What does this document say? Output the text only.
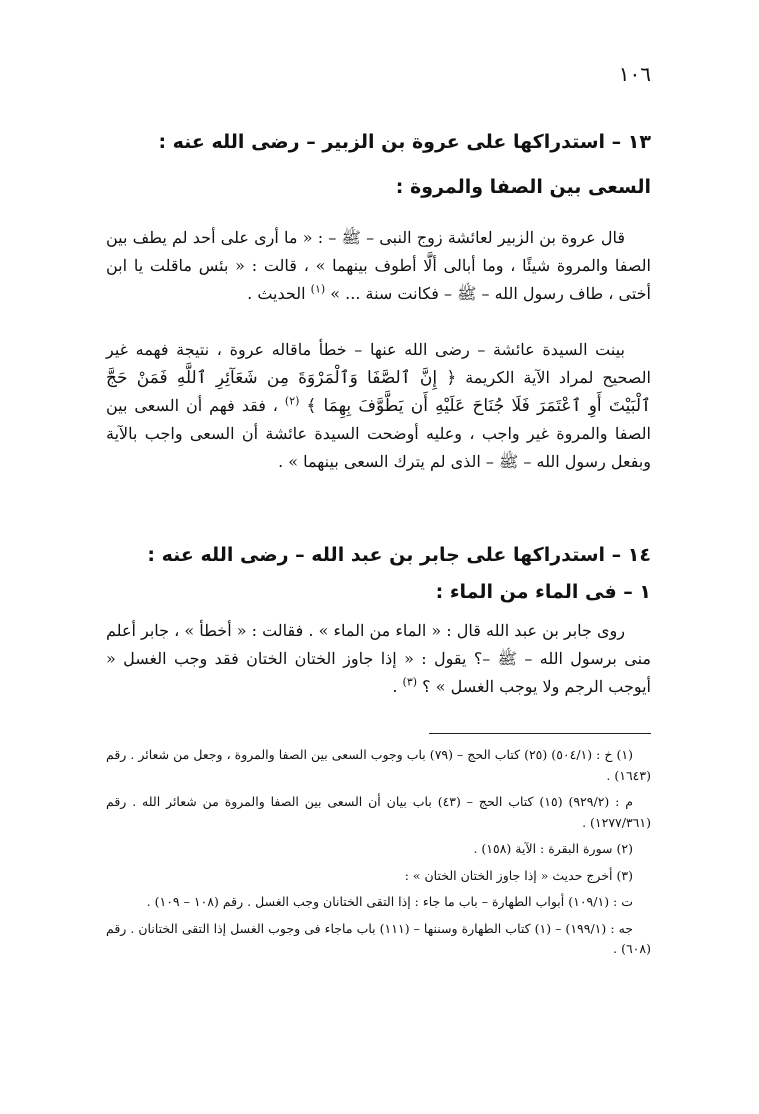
١٠٦
١٣ – استدراكها على عروة بن الزبير – رضى الله عنه :
السعى بين الصفا والمروة :
قال عروة بن الزبير لعائشة زوج النبى – ﷺ – : « ما أرى على أحد لم يطف بين الصفا والمروة شيئًا ، وما أبالى ألَّا أطوف بينهما » ، قالت : « بئس ماقلت يا ابن أختى ، طاف رسول الله – ﷺ – فكانت سنة ... » $^{(١)}$ الحديث .
بينت السيدة عائشة – رضى الله عنها – خطأ ماقاله عروة ، نتيجة فهمه غير الصحيح لمراد الآية الكريمة ﴿ إِنَّ ٱلصَّفَا وَٱلْمَرْوَةَ مِن شَعَآئِرِ ٱللَّهِ فَمَنْ حَجَّ ٱلْبَيْتَ أَوِ ٱعْتَمَرَ فَلَا جُنَاحَ عَلَيْهِ أَن يَطَّوَّفَ بِهِمَا ﴾ $^{(٢)}$ ، فقد فهم أن السعى بين الصفا والمروة غير واجب ، وعليه أوضحت السيدة عائشة أن السعى واجب بالآية وبفعل رسول الله – ﷺ – الذى لم يترك السعى بينهما » .
١٤ – استدراكها على جابر بن عبد الله – رضى الله عنه :
١ – فى الماء من الماء :
روى جابر بن عبد الله قال : « الماء من الماء » . فقالت : « أخطأ » ، جابر أعلم منى برسول الله – ﷺ –؟ يقول : « إذا جاوز الختان الختان فقد وجب الغسل « أيوجب الرجم ولا يوجب الغسل » ؟ $^{(٣)}$ .

(١) خ : (٥٠٤/١) (٢٥) كتاب الحج – (٧٩) باب وجوب السعى بين الصفا والمروة ، وجعل من شعائر . رقم (١٦٤٣) .

م : (٩٢٩/٢) (١٥) كتاب الحج – (٤٣) باب بيان أن السعى بين الصفا والمروة من شعائر الله . رقم (١٢٧٧/٣٦١) .

(٢) سورة البقرة : الآية (١٥٨) .

(٣) أخرج حديث « إذا جاوز الختان الختان » :

ت : (١٠٩/١) أبواب الطهارة – باب ما جاء : إذا التقى الختانان وجب الغسل . رقم (١٠٨ – ١٠٩) .

جه : (١٩٩/١) – (١) كتاب الطهارة وسننها – (١١١) باب ماجاء فى وجوب الغسل إذا التقى الختانان . رقم (٦٠٨) .
